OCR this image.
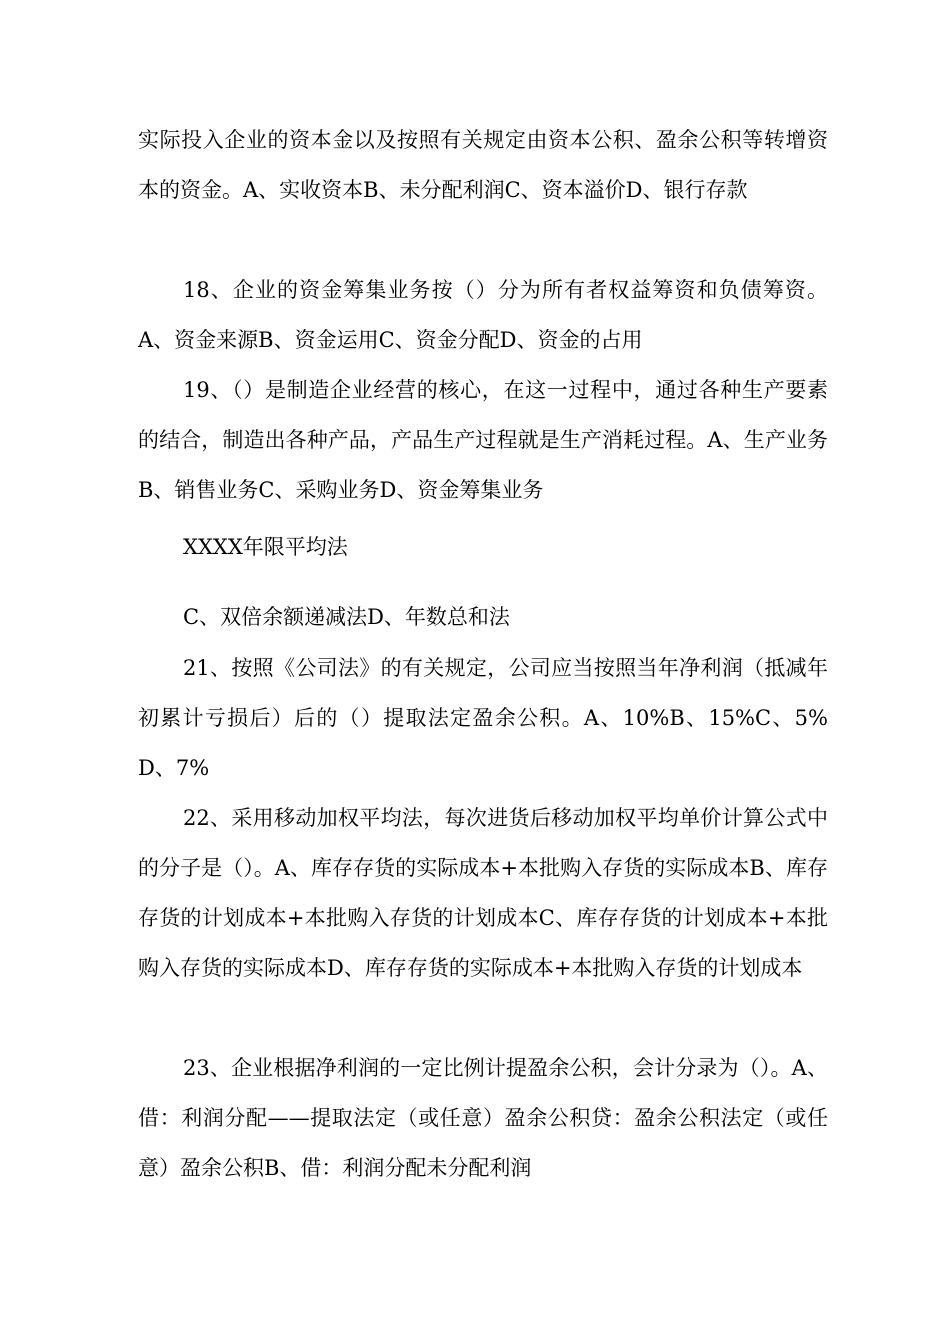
实际投入企业的资本金以及按照有关规定由资本公积、盈余公积等转增资本的资金。A、实收资本B、未分配利润C、资本溢价D、银行存款

18、企业的资金筹集业务按（）分为所有者权益筹资和负债筹资。A、资金来源B、资金运用C、资金分配D、资金的占用

19、（）是制造企业经营的核心，在这一过程中，通过各种生产要素的结合，制造出各种产品，产品生产过程就是生产消耗过程。A、生产业务B、销售业务C、采购业务D、资金筹集业务

XXXX年限平均法

C、双倍余额递减法D、年数总和法

21、按照《公司法》的有关规定，公司应当按照当年净利润（抵减年初累计亏损后）后的（）提取法定盈余公积。A、10%B、15%C、5%D、7%

22、采用移动加权平均法，每次进货后移动加权平均单价计算公式中的分子是（）。A、库存存货的实际成本+本批购入存货的实际成本B、库存存货的计划成本+本批购入存货的计划成本C、库存存货的计划成本+本批购入存货的实际成本D、库存存货的实际成本+本批购入存货的计划成本

23、企业根据净利润的一定比例计提盈余公积，会计分录为（）。A、借：利润分配——提取法定（或任意）盈余公积贷：盈余公积法定（或任意）盈余公积B、借：利润分配未分配利润
